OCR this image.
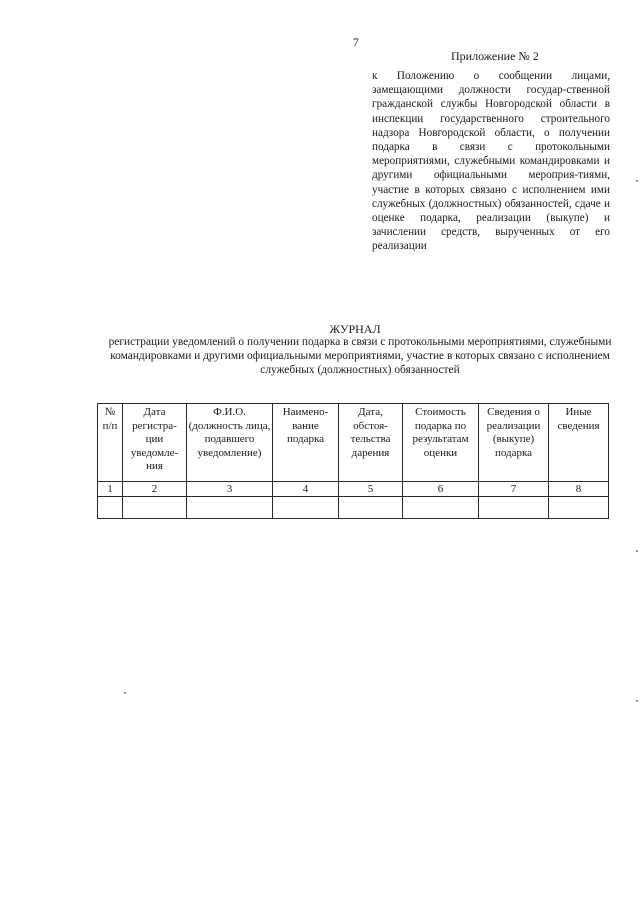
7
Приложение № 2

к Положению о сообщении лицами, замещающими должности государ-ственной гражданской службы Новгородской области в инспекции государственного строительного надзора Новгородской области, о получении подарка в связи с протокольными мероприятиями, служебными командировками и другими официальными мероприя-тиями, участие в которых связано с исполнением ими служебных (должностных) обязанностей, сдаче и оценке подарка, реализации (выкупе) и зачислении средств, вырученных от его реализации

ЖУРНАЛ

регистрации уведомлений о получении подарка в связи с протокольными мероприятиями, служебными командировками и другими официальными мероприятиями, участие в которых связано с исполнением служебных (должностных) обязанностей

№ п/п	Дата регистра-ции уведомле-ния	Ф.И.О. (должность лица, подавшего уведомление)	Наимено-вание подарка	Дата, обстоя-тельства дарения	Стоимость подарка по результатам оценки	Сведения о реализации (выкупе) подарка	Иные сведения
1	2	3	4	5	6	7	8
